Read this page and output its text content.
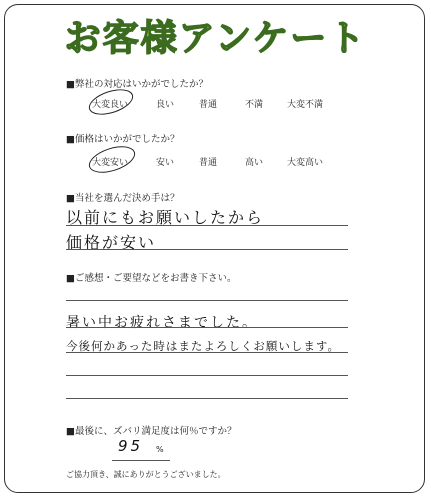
お客様アンケート
■弊社の対応はいかがでしたか？
大変良い	良い	普通	不満	大変不満
■価格はいかがでしたか？
大変安い	安い	普通	高い	大変高い
■当社を選んだ決め手は？
以前にもお願いしたから
価格が安い
■ご感想・ご要望などをお書き下さい。
暑い中お疲れさまでした。
今後何かあった時はまたよろしくお願いします。
■最後に、ズバリ満足度は何％ですか？
95 %
ご協力頂き、誠にありがとうございました。
